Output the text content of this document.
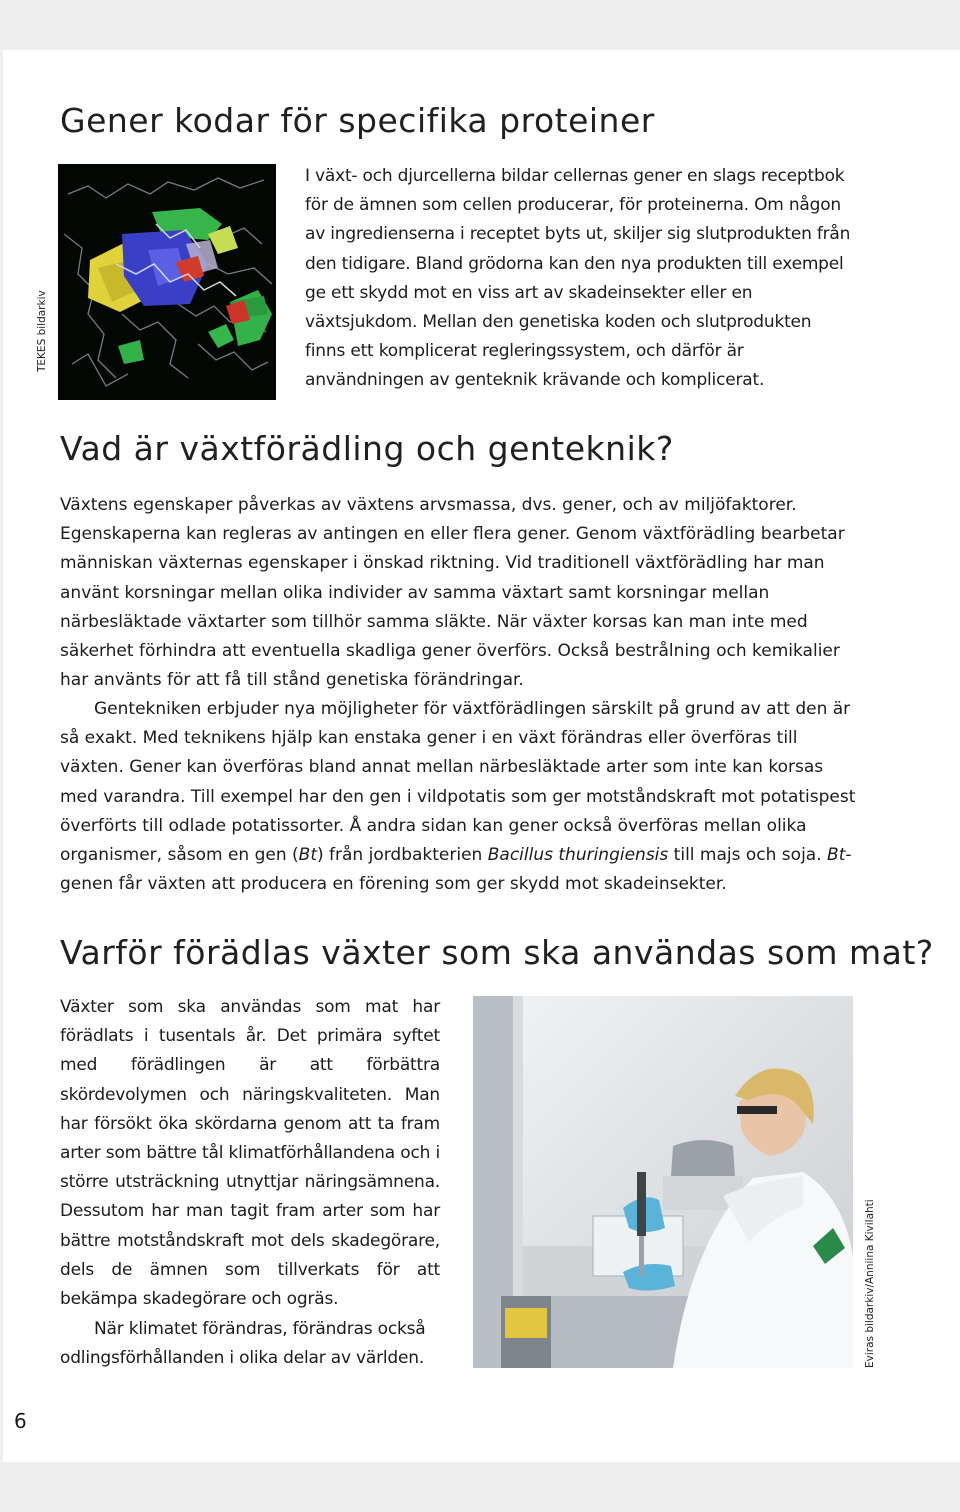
Gener kodar för specifika proteiner
TEKES bildarkiv

I växt- och djurcellerna bildar cellernas gener en slags receptbok för de ämnen som cellen producerar, för proteinerna. Om någon av ingredienserna i receptet byts ut, skiljer sig slutprodukten från den tidigare. Bland grödorna kan den nya produkten till exempel ge ett skydd mot en viss art av skadeinsekter eller en växtsjukdom. Mellan den genetiska koden och slutprodukten finns ett komplicerat regleringssystem, och därför är användningen av genteknik krävande och komplicerat.

Vad är växtförädling och genteknik?

Växtens egenskaper påverkas av växtens arvsmassa, dvs. gener, och av miljöfaktorer. Egenskaperna kan regleras av antingen en eller flera gener. Genom växtförädling bearbetar människan växternas egenskaper i önskad riktning. Vid traditionell växtförädling har man använt korsningar mellan olika individer av samma växtart samt korsningar mellan närbesläktade växtarter som tillhör samma släkte. När växter korsas kan man inte med säkerhet förhindra att eventuella skadliga gener överförs. Också bestrålning och kemikalier har använts för att få till stånd genetiska förändringar.

Gentekniken erbjuder nya möjligheter för växtförädlingen särskilt på grund av att den är så exakt. Med teknikens hjälp kan enstaka gener i en växt förändras eller överföras till växten. Gener kan överföras bland annat mellan närbesläktade arter som inte kan korsas med varandra. Till exempel har den gen i vildpotatis som ger motståndskraft mot potatispest överförts till odlade potatissorter. Å andra sidan kan gener också överföras mellan olika organismer, såsom en gen (Bt) från jordbakterien Bacillus thuringiensis till majs och soja. Bt-genen får växten att producera en förening som ger skydd mot skadeinsekter.

Varför förädlas växter som ska användas som mat?

Växter som ska användas som mat har förädlats i tusentals år. Det primära syftet med förädlingen är att förbättra skördevolymen och näringskvaliteten. Man har försökt öka skördarna genom att ta fram arter som bättre tål klimatförhållandena och i större utsträckning utnyttjar näringsämnena. Dessutom har man tagit fram arter som har bättre motståndskraft mot dels skadegörare, dels de ämnen som tillverkats för att bekämpa skadegörare och ogräs.

När klimatet förändras, förändras också odlingsförhållanden i olika delar av världen.	Eviras bildarkiv/Anniina Kivilahti
6
